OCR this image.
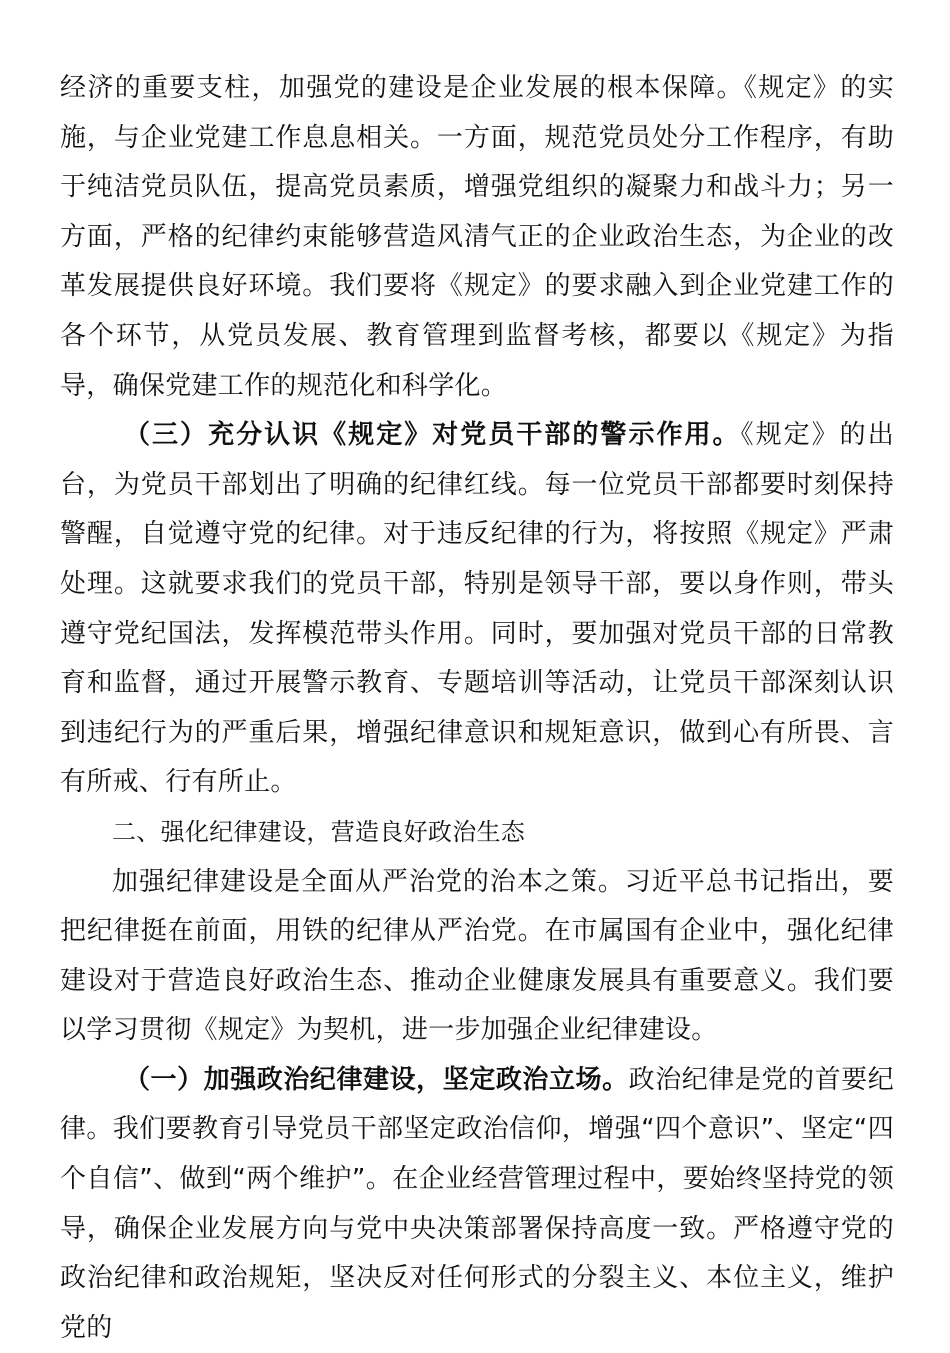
经济的重要支柱，加强党的建设是企业发展的根本保障。《规定》的实施，与企业党建工作息息相关。一方面，规范党员处分工作程序，有助于纯洁党员队伍，提高党员素质，增强党组织的凝聚力和战斗力；另一方面，严格的纪律约束能够营造风清气正的企业政治生态，为企业的改革发展提供良好环境。我们要将《规定》的要求融入到企业党建工作的各个环节，从党员发展、教育管理到监督考核，都要以《规定》为指导，确保党建工作的规范化和科学化。

（三）充分认识《规定》对党员干部的警示作用。《规定》的出台，为党员干部划出了明确的纪律红线。每一位党员干部都要时刻保持警醒，自觉遵守党的纪律。对于违反纪律的行为，将按照《规定》严肃处理。这就要求我们的党员干部，特别是领导干部，要以身作则，带头遵守党纪国法，发挥模范带头作用。同时，要加强对党员干部的日常教育和监督，通过开展警示教育、专题培训等活动，让党员干部深刻认识到违纪行为的严重后果，增强纪律意识和规矩意识，做到心有所畏、言有所戒、行有所止。

二、强化纪律建设，营造良好政治生态

加强纪律建设是全面从严治党的治本之策。习近平总书记指出，要把纪律挺在前面，用铁的纪律从严治党。在市属国有企业中，强化纪律建设对于营造良好政治生态、推动企业健康发展具有重要意义。我们要以学习贯彻《规定》为契机，进一步加强企业纪律建设。

（一）加强政治纪律建设，坚定政治立场。政治纪律是党的首要纪律。我们要教育引导党员干部坚定政治信仰，增强“四个意识”、坚定“四个自信”、做到“两个维护”。在企业经营管理过程中，要始终坚持党的领导，确保企业发展方向与党中央决策部署保持高度一致。严格遵守党的政治纪律和政治规矩，坚决反对任何形式的分裂主义、本位主义，维护党的
